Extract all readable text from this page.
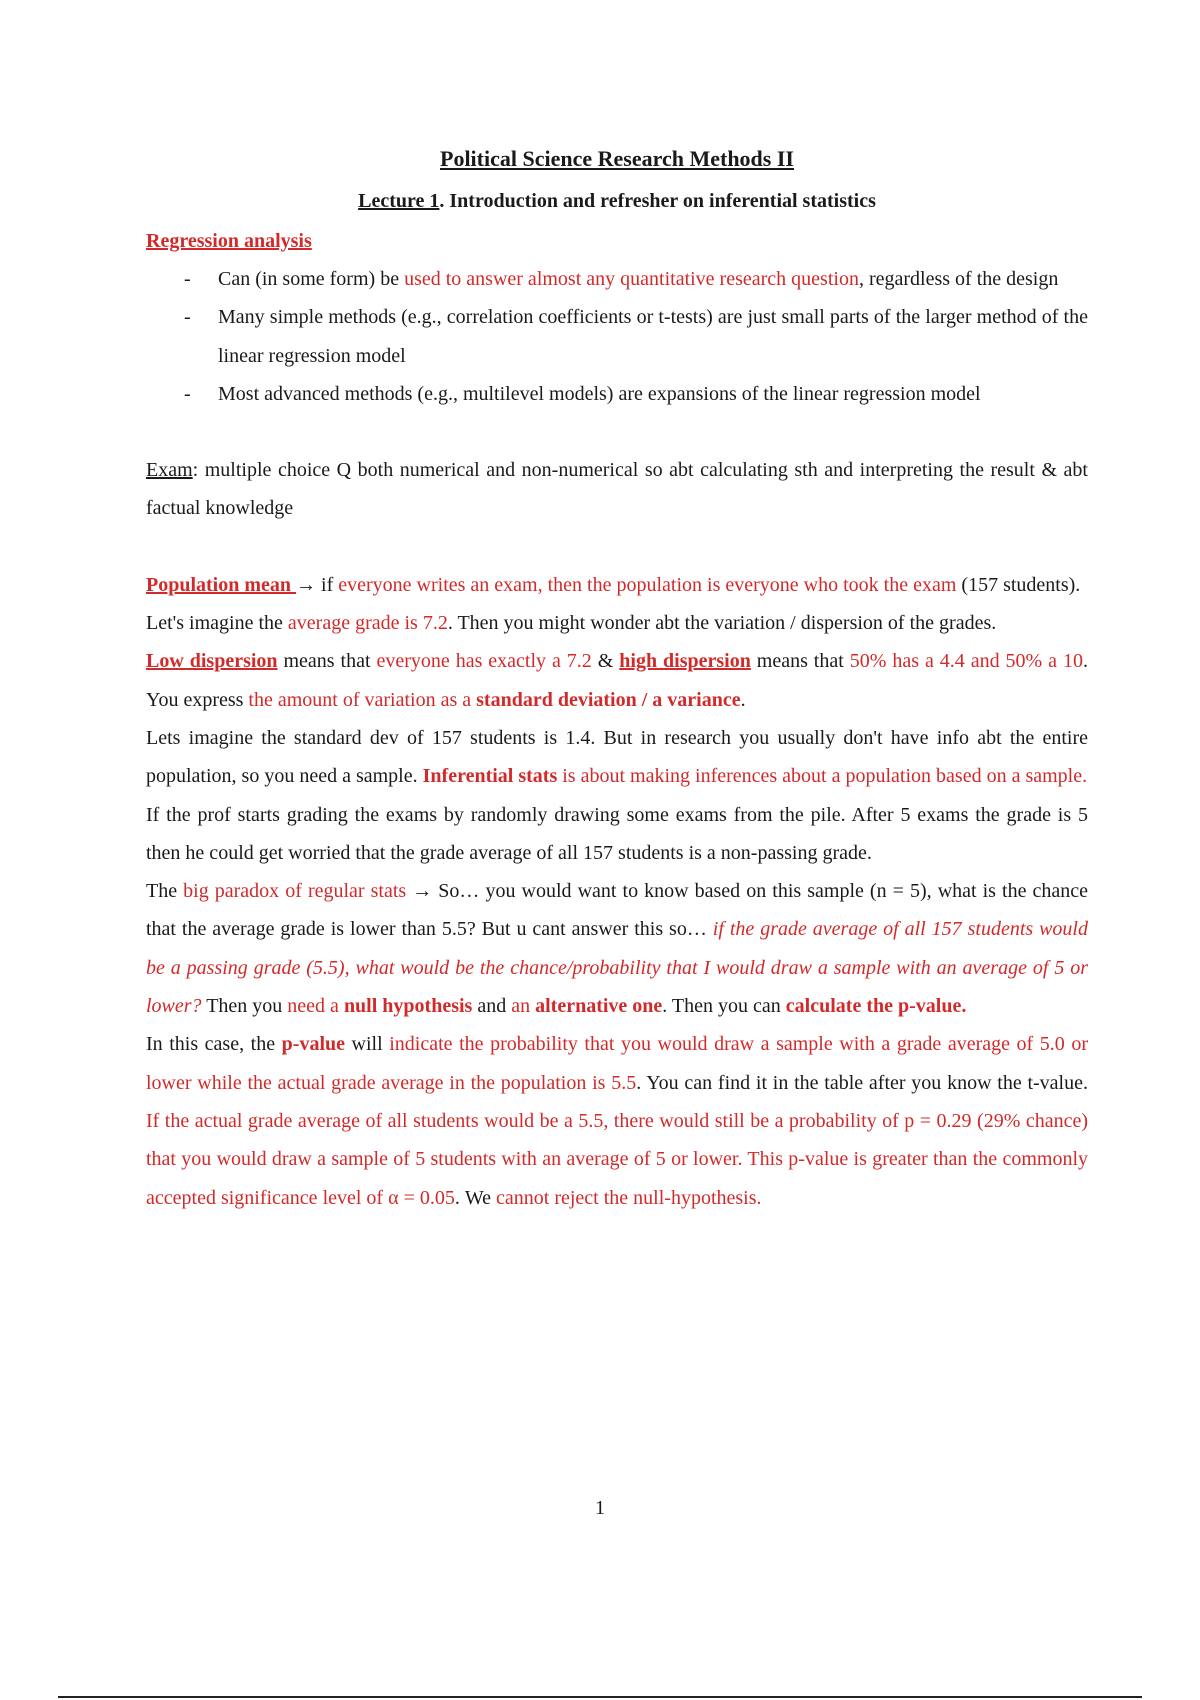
Political Science Research Methods II
Lecture 1. Introduction and refresher on inferential statistics
Regression analysis
- Can (in some form) be used to answer almost any quantitative research question, regardless of the design
- Many simple methods (e.g., correlation coefficients or t-tests) are just small parts of the larger method of the linear regression model
- Most advanced methods (e.g., multilevel models) are expansions of the linear regression model

Exam: multiple choice Q both numerical and non-numerical so abt calculating sth and interpreting the result & abt factual knowledge

Population mean → if everyone writes an exam, then the population is everyone who took the exam (157 students).

Let's imagine the average grade is 7.2. Then you might wonder abt the variation / dispersion of the grades.

Low dispersion means that everyone has exactly a 7.2 & high dispersion means that 50% has a 4.4 and 50% a 10. You express the amount of variation as a standard deviation / a variance.

Lets imagine the standard dev of 157 students is 1.4. But in research you usually don't have info abt the entire population, so you need a sample. Inferential stats is about making inferences about a population based on a sample.

If the prof starts grading the exams by randomly drawing some exams from the pile. After 5 exams the grade is 5 then he could get worried that the grade average of all 157 students is a non-passing grade.

The big paradox of regular stats → So… you would want to know based on this sample (n = 5), what is the chance that the average grade is lower than 5.5? But u cant answer this so… if the grade average of all 157 students would be a passing grade (5.5), what would be the chance/probability that I would draw a sample with an average of 5 or lower? Then you need a null hypothesis and an alternative one. Then you can calculate the p-value.

In this case, the p-value will indicate the probability that you would draw a sample with a grade average of 5.0 or lower while the actual grade average in the population is 5.5. You can find it in the table after you know the t-value. If the actual grade average of all students would be a 5.5, there would still be a probability of p = 0.29 (29% chance) that you would draw a sample of 5 students with an average of 5 or lower. This p-value is greater than the commonly accepted significance level of α = 0.05. We cannot reject the null-hypothesis.

1
